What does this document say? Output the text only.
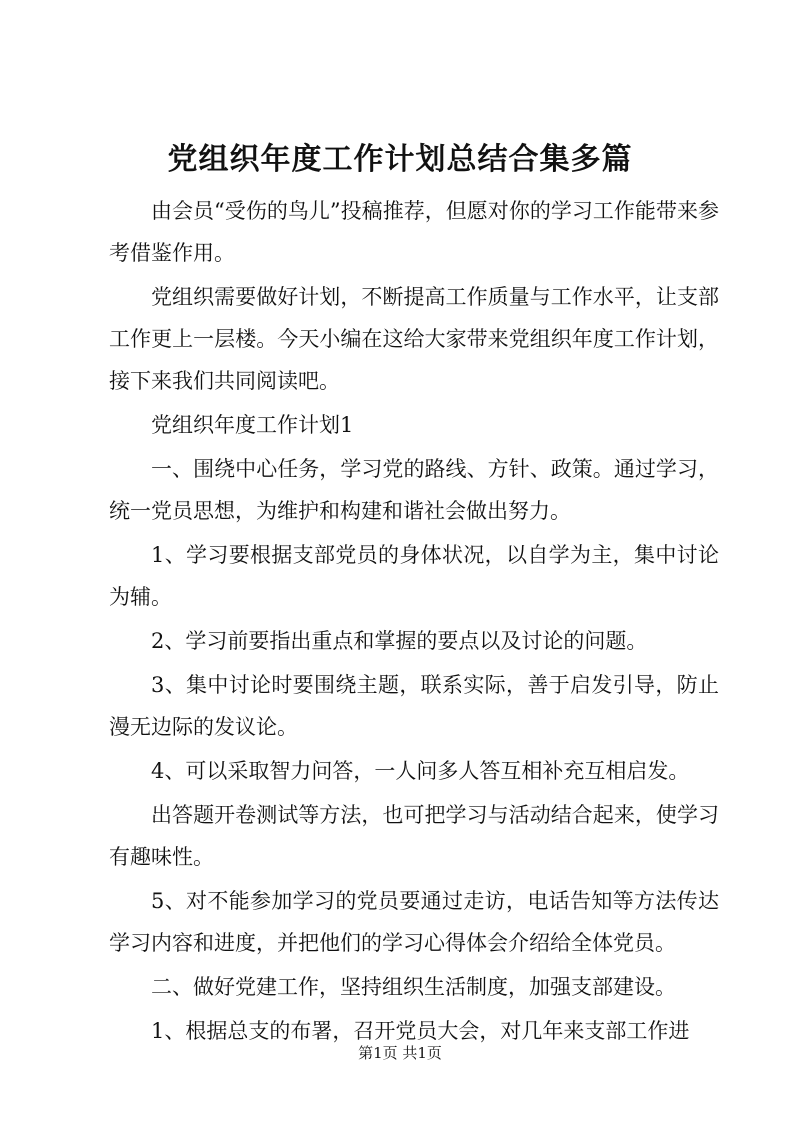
党组织年度工作计划总结合集多篇

由会员“受伤的鸟儿”投稿推荐，但愿对你的学习工作能带来参考借鉴作用。

党组织需要做好计划，不断提高工作质量与工作水平，让支部工作更上一层楼。今天小编在这给大家带来党组织年度工作计划，接下来我们共同阅读吧。

党组织年度工作计划1

一、围绕中心任务，学习党的路线、方针、政策。通过学习，统一党员思想，为维护和构建和谐社会做出努力。

1、学习要根据支部党员的身体状况，以自学为主，集中讨论为辅。

2、学习前要指出重点和掌握的要点以及讨论的问题。

3、集中讨论时要围绕主题，联系实际，善于启发引导，防止漫无边际的发议论。

4、可以采取智力问答，一人问多人答互相补充互相启发。

出答题开卷测试等方法，也可把学习与活动结合起来，使学习有趣味性。

5、对不能参加学习的党员要通过走访，电话告知等方法传达学习内容和进度，并把他们的学习心得体会介绍给全体党员。

二、做好党建工作，坚持组织生活制度，加强支部建设。

1、根据总支的布署，召开党员大会，对几年来支部工作进

第1页 共1页
